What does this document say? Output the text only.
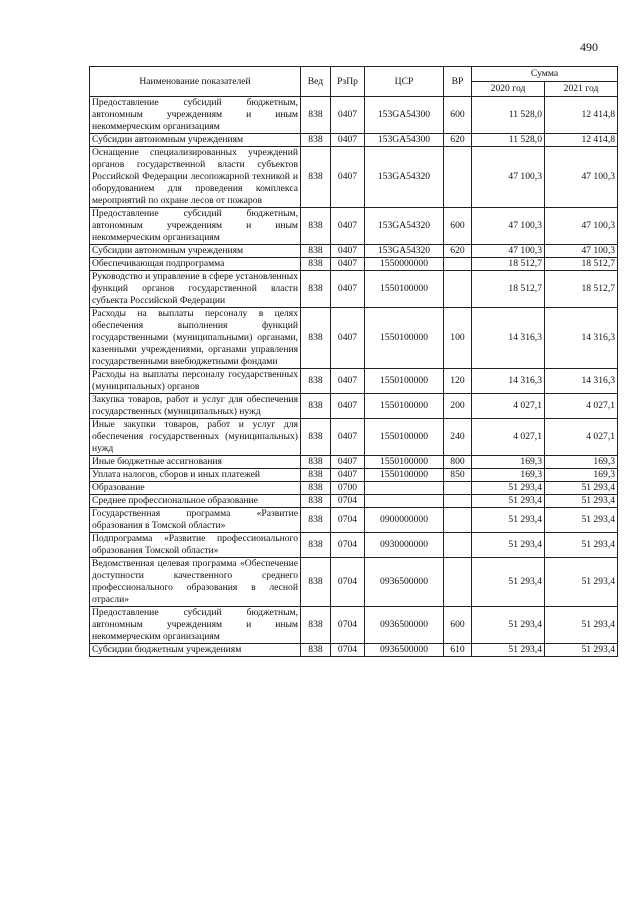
490
Наименование показателей	Вед	РзПр	ЦСР	ВР	Сумма	
					2020 год	2021 год
Предоставление субсидий бюджетным, автономным учреждениям и иным некоммерческим организациям	838	0407	153GA54300	600	11 528,0	12 414,8
Субсидии автономным учреждениям	838	0407	153GA54300	620	11 528,0	12 414,8
Оснащение специализированных учреждений органов государственной власти субъектов Российской Федерации лесопожарной техникой и оборудованием для проведения комплекса мероприятий по охране лесов от пожаров	838	0407	153GA54320		47 100,3	47 100,3
Предоставление субсидий бюджетным, автономным учреждениям и иным некоммерческим организациям	838	0407	153GA54320	600	47 100,3	47 100,3
Субсидии автономным учреждениям	838	0407	153GA54320	620	47 100,3	47 100,3
Обеспечивающая подпрограмма	838	0407	1550000000		18 512,7	18 512,7
Руководство и управление в сфере установленных функций органов государственной власти субъекта Российской Федерации	838	0407	1550100000		18 512,7	18 512,7
Расходы на выплаты персоналу в целях обеспечения выполнения функций государственными (муниципальными) органами, казенными учреждениями, органами управления государственными внебюджетными фондами	838	0407	1550100000	100	14 316,3	14 316,3
Расходы на выплаты персоналу государственных (муниципальных) органов	838	0407	1550100000	120	14 316,3	14 316,3
Закупка товаров, работ и услуг для обеспечения государственных (муниципальных) нужд	838	0407	1550100000	200	4 027,1	4 027,1
Иные закупки товаров, работ и услуг для обеспечения государственных (муниципальных) нужд	838	0407	1550100000	240	4 027,1	4 027,1
Иные бюджетные ассигнования	838	0407	1550100000	800	169,3	169,3
Уплата налогов, сборов и иных платежей	838	0407	1550100000	850	169,3	169,3
Образование	838	0700			51 293,4	51 293,4
Среднее профессиональное образование	838	0704			51 293,4	51 293,4
Государственная программа «Развитие образования в Томской области»	838	0704	0900000000		51 293,4	51 293,4
Подпрограмма «Развитие профессионального образования Томской области»	838	0704	0930000000		51 293,4	51 293,4
Ведомственная целевая программа «Обеспечение доступности качественного среднего профессионального образования в лесной отрасли»	838	0704	0936500000		51 293,4	51 293,4
Предоставление субсидий бюджетным, автономным учреждениям и иным некоммерческим организациям	838	0704	0936500000	600	51 293,4	51 293,4
Субсидии бюджетным учреждениям	838	0704	0936500000	610	51 293,4	51 293,4
